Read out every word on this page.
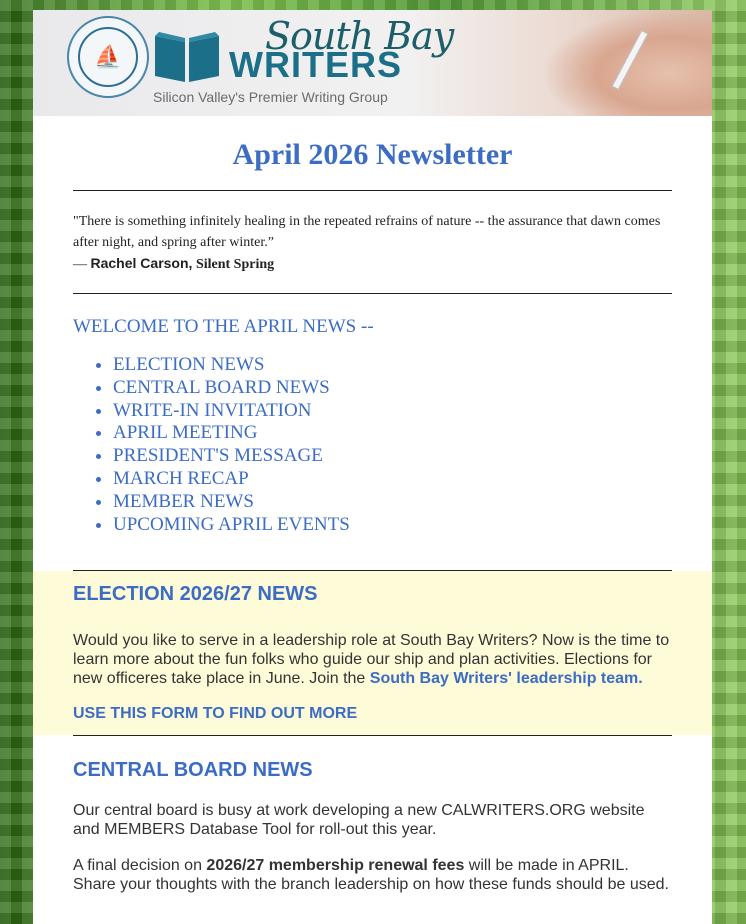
⛵	South Bay
WRITERS
Silicon Valley's Premier Writing Group
April 2026 Newsletter
"There is something infinitely healing in the repeated refrains of nature -- the assurance that dawn comes after night, and spring after winter.”
— Rachel Carson, Silent Spring
WELCOME TO THE APRIL NEWS --
• ELECTION NEWS
• CENTRAL BOARD NEWS
• WRITE-IN INVITATION
• APRIL MEETING
• PRESIDENT'S MESSAGE
• MARCH RECAP
• MEMBER NEWS
• UPCOMING APRIL EVENTS
ELECTION 2026/27 NEWS

Would you like to serve in a leadership role at South Bay Writers? Now is the time to learn more about the fun folks who guide our ship and plan activities. Elections for new officeres take place in June. Join the South Bay Writers' leadership team.

USE THIS FORM TO FIND OUT MORE
CENTRAL BOARD NEWS

Our central board is busy at work developing a new CALWRITERS.ORG website and MEMBERS Database Tool for roll-out this year.

A final decision on 2026/27 membership renewal fees will be made in APRIL. Share your thoughts with the branch leadership on how these funds should be used.
